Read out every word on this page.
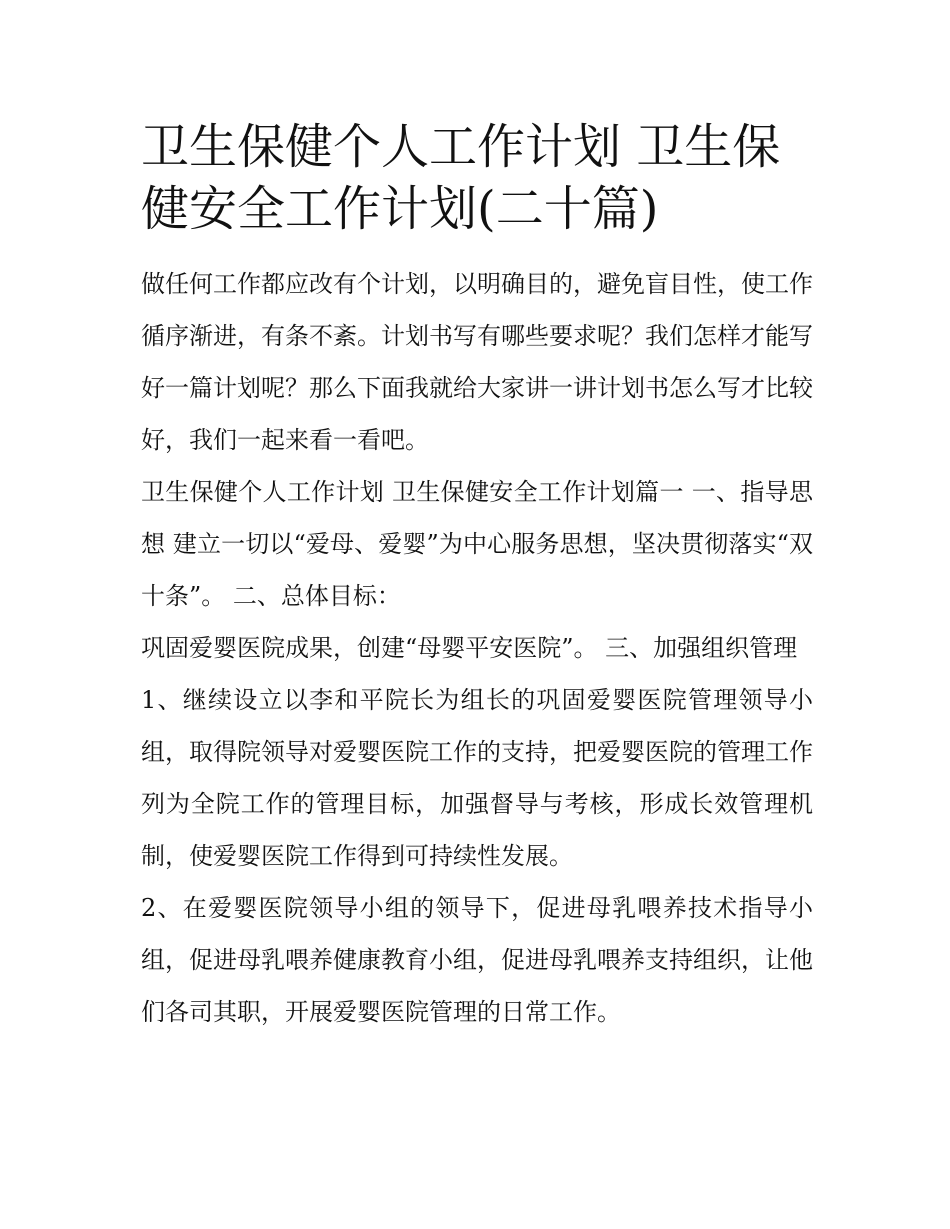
卫生保健个人工作计划 卫生保健安全工作计划(二十篇)

做任何工作都应改有个计划，以明确目的，避免盲目性，使工作循序渐进，有条不紊。计划书写有哪些要求呢？我们怎样才能写好一篇计划呢？那么下面我就给大家讲一讲计划书怎么写才比较好，我们一起来看一看吧。

卫生保健个人工作计划 卫生保健安全工作计划篇一 一、指导思想 建立一切以“爱母、爱婴”为中心服务思想，坚决贯彻落实“双十条”。 二、总体目标：

巩固爱婴医院成果，创建“母婴平安医院”。 三、加强组织管理

1、继续设立以李和平院长为组长的巩固爱婴医院管理领导小组，取得院领导对爱婴医院工作的支持，把爱婴医院的管理工作列为全院工作的管理目标，加强督导与考核，形成长效管理机制，使爱婴医院工作得到可持续性发展。

2、在爱婴医院领导小组的领导下，促进母乳喂养技术指导小组，促进母乳喂养健康教育小组，促进母乳喂养支持组织，让他们各司其职，开展爱婴医院管理的日常工作。
